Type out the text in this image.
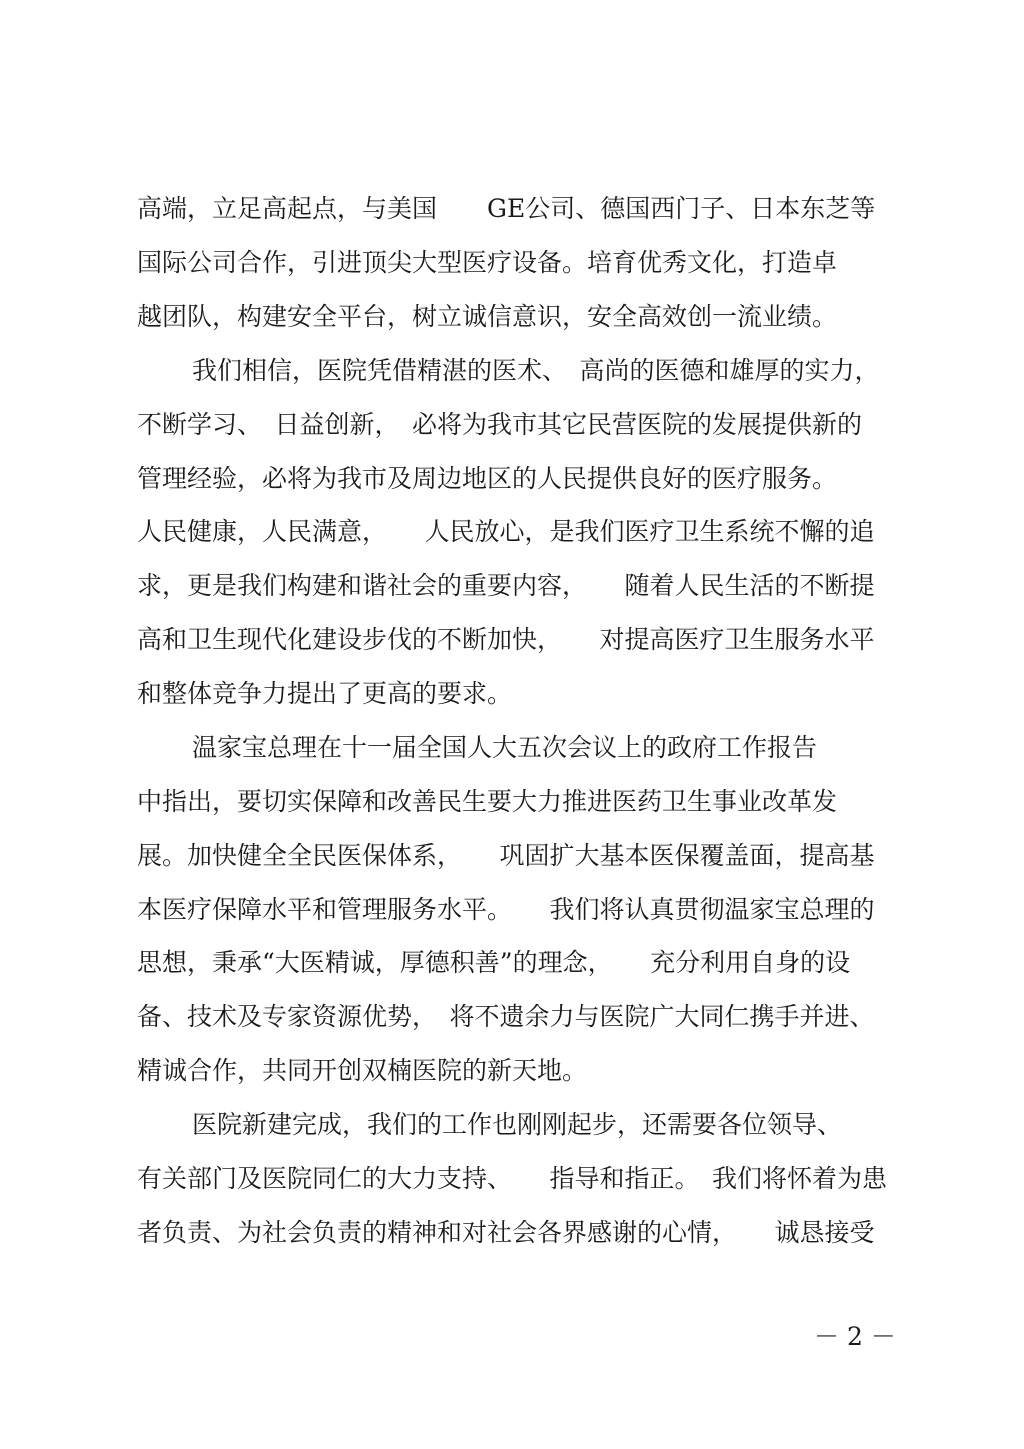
高端，立足高起点，与美国　　GE公司、德国西门子、日本东芝等
国际公司合作，引进顶尖大型医疗设备。培育优秀文化，打造卓
越团队，构建安全平台，树立诚信意识，安全高效创一流业绩。
我们相信，医院凭借精湛的医术、　高尚的医德和雄厚的实力，
不断学习、　日益创新，　必将为我市其它民营医院的发展提供新的
管理经验，必将为我市及周边地区的人民提供良好的医疗服务。
人民健康，人民满意，　　人民放心，是我们医疗卫生系统不懈的追
求，更是我们构建和谐社会的重要内容，　　随着人民生活的不断提
高和卫生现代化建设步伐的不断加快，　　对提高医疗卫生服务水平
和整体竞争力提出了更高的要求。
温家宝总理在十一届全国人大五次会议上的政府工作报告
中指出，要切实保障和改善民生要大力推进医药卫生事业改革发
展。加快健全全民医保体系，　　巩固扩大基本医保覆盖面，提高基
本医疗保障水平和管理服务水平。　　我们将认真贯彻温家宝总理的
思想，秉承“大医精诚，厚德积善”的理念，　　充分利用自身的设
备、技术及专家资源优势，　将不遗余力与医院广大同仁携手并进、
精诚合作，共同开创双楠医院的新天地。
医院新建完成，我们的工作也刚刚起步，还需要各位领导、
有关部门及医院同仁的大力支持、　　指导和指正。　我们将怀着为患
者负责、为社会负责的精神和对社会各界感谢的心情，　　诚恳接受
－ 2 －
